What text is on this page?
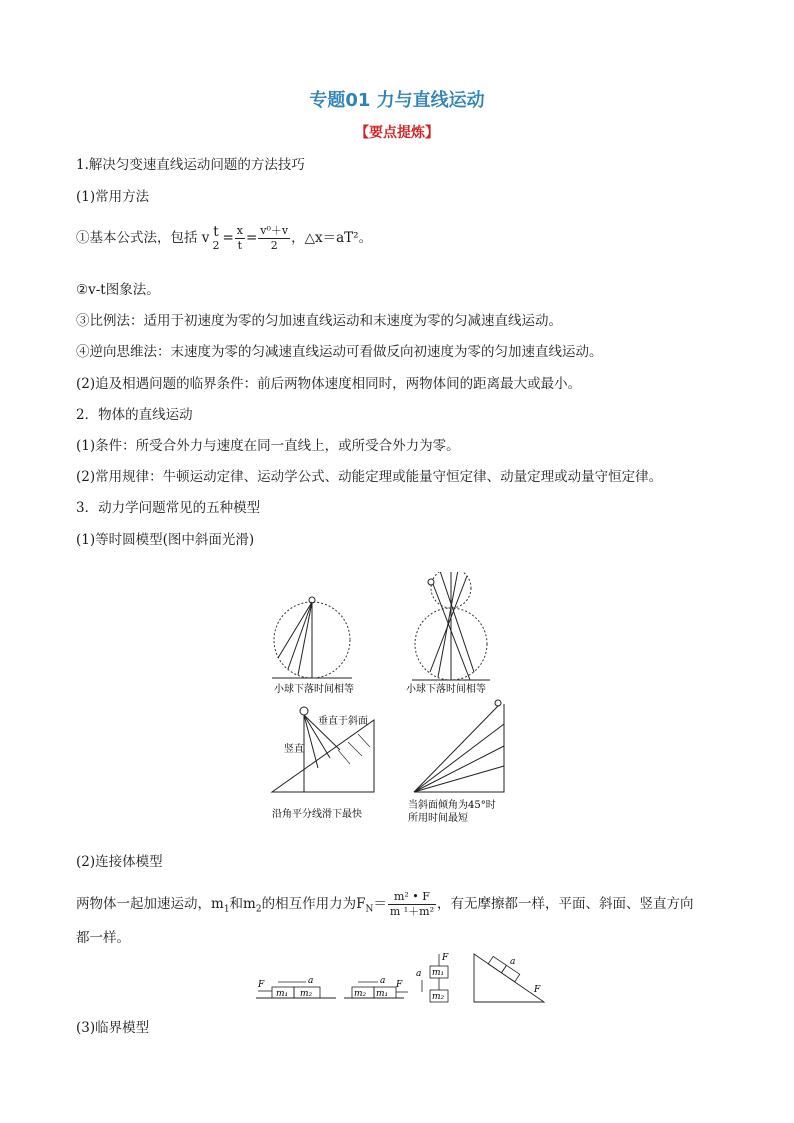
专题01 力与直线运动
【要点提炼】
1.解决匀变速直线运动问题的方法技巧
(1)常用方法
①基本公式法，包括 v t
$2 = \frac{x}{t} = \frac{\text{v⁰＋v}}{2}$ ，△x＝aT²。
②v-t图象法。
③比例法：适用于初速度为零的匀加速直线运动和末速度为零的匀减速直线运动。
④逆向思维法：末速度为零的匀减速直线运动可看做反向初速度为零的匀加速直线运动。
(2)追及相遇问题的临界条件：前后两物体速度相同时，两物体间的距离最大或最小。
2．物体的直线运动
(1)条件：所受合外力与速度在同一直线上，或所受合外力为零。
(2)常用规律：牛顿运动定律、运动学公式、动能定理或能量守恒定律、动量定理或动量守恒定律。
3．动力学问题常见的五种模型
(1)等时圆模型(图中斜面光滑)
小球下落时间相等	小球下落时间相等
竖直
垂直于斜面
沿角平分线滑下最快
当斜面倾角为45°时
所用时间最短
(2)连接体模型
两物体一起加速运动，$m_1$和$m_2$的相互作用力为$F_N= \frac{\text{m² • F}}{\text{m ¹＋m²}}$ ，有无摩擦都一样，平面、斜面、竖直方向
都一样。
F
m₁ m₂
a
m₂ m₁
F
a
F
m₁
m₂
a
a
F
(3)临界模型
